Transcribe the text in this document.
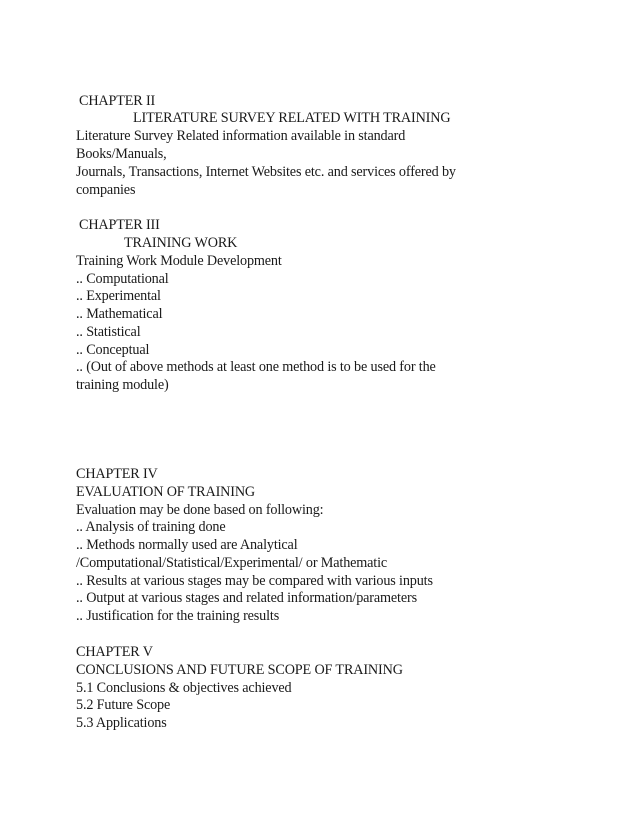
CHAPTER II
LITERATURE SURVEY RELATED WITH TRAINING
Literature Survey Related information available in standard
Books/Manuals,
Journals, Transactions, Internet Websites etc. and services offered by
companies
CHAPTER III
TRAINING WORK
Training Work Module Development
.. Computational
.. Experimental
.. Mathematical
.. Statistical
.. Conceptual
.. (Out of above methods at least one method is to be used for the
training module)
CHAPTER IV
EVALUATION OF TRAINING
Evaluation may be done based on following:
.. Analysis of training done
.. Methods normally used are Analytical
/Computational/Statistical/Experimental/ or Mathematic
.. Results at various stages may be compared with various inputs
.. Output at various stages and related information/parameters
.. Justification for the training results
CHAPTER V
CONCLUSIONS AND FUTURE SCOPE OF TRAINING
5.1 Conclusions & objectives achieved
5.2 Future Scope
5.3 Applications
